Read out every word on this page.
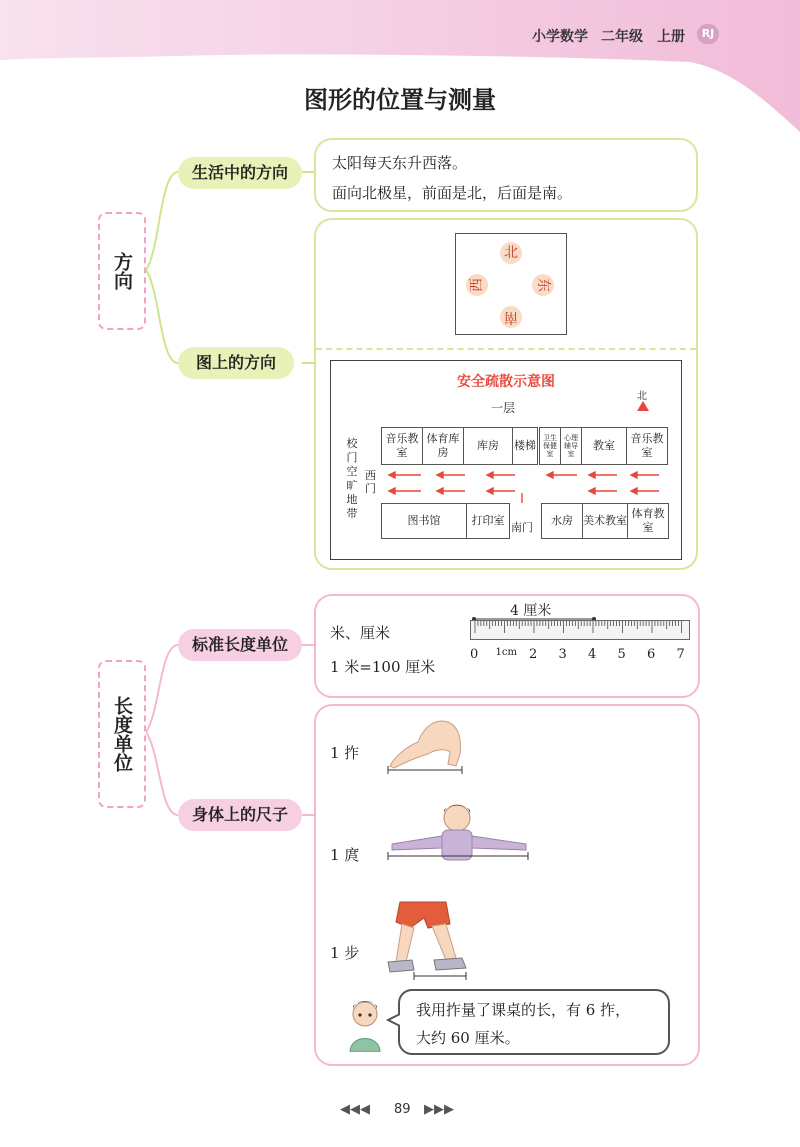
小学数学 二年级 上册	RJ
图形的位置与测量
方向
生活中的方向
图上的方向
太阳每天东升西落。
面向北极星，前面是北，后面是南。
北
东
南
西
安全疏散示意图
一层
北
校门空旷地带
西门
音乐教室
体育库房
库房	楼梯
卫生保健室
心理辅导室
教室
音乐教室
图书馆	打印室
南门
水房 美术教室
体育教室
长度单位
标准长度单位
身体上的尺子
米、厘米
1 米=100 厘米
4 厘米
0 1cm 2 3 4 5 6 7
1 拃
1 庹
1 步
我用拃量了课桌的长，有 6 拃，
大约 60 厘米。
◀◀◀ 89 ▶▶▶
